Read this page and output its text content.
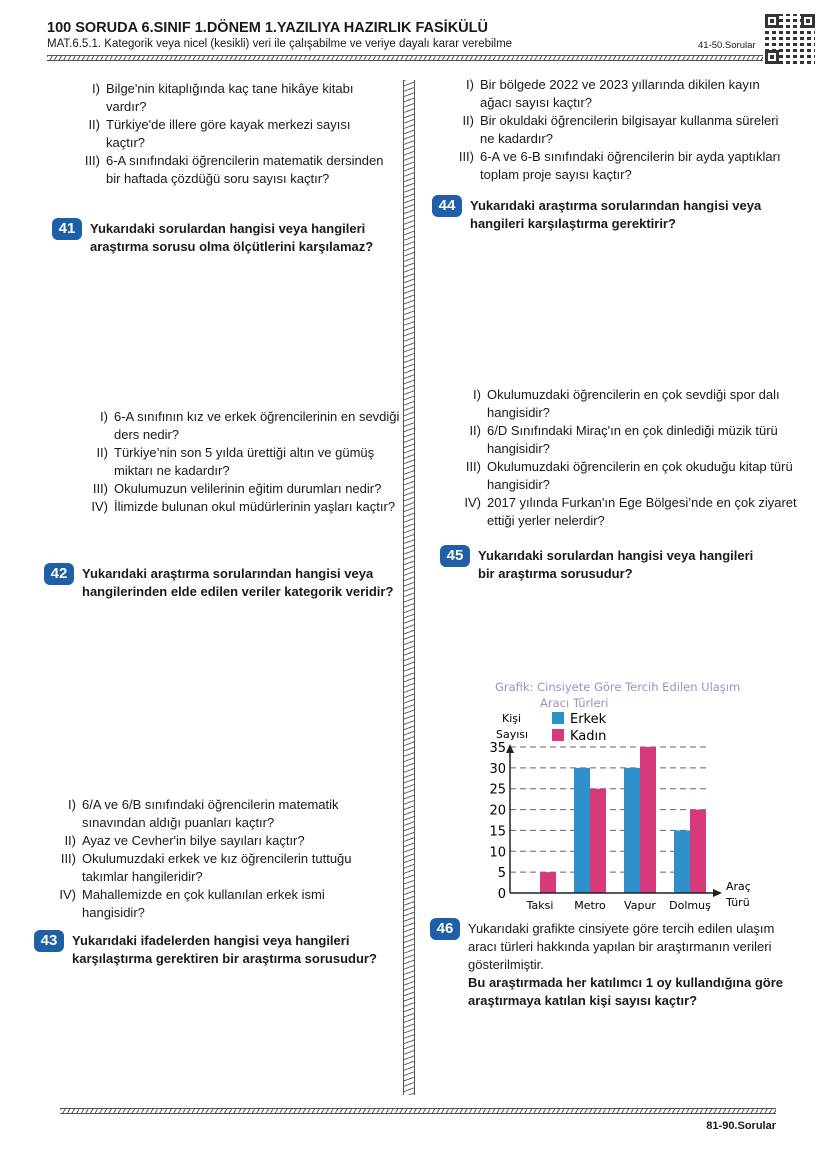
100 SORUDA 6.SINIF 1.DÖNEM 1.YAZILIYA HAZIRLIK FASİKÜLÜ
MAT.6.5.1. Kategorik veya nicel (kesikli) veri ile çalışabilme ve veriye dayalı karar verebilme	41-50.Sorular
I) Bilge'nin kitaplığında kaç tane hikâye kitabı vardır?
II) Türkiye'de illere göre kayak merkezi sayısı kaçtır?
III) 6-A sınıfındaki öğrencilerin matematik dersinden bir haftada çözdüğü soru sayısı kaçtır?
41	Yukarıdaki sorulardan hangisi veya hangileri araştırma sorusu olma ölçütlerini karşılamaz?
I) 6-A sınıfının kız ve erkek öğrencilerinin en sevdiği ders nedir?
II) Türkiye’nin son 5 yılda ürettiği altın ve gümüş miktarı ne kadardır?
III) Okulumuzun velilerinin eğitim durumları nedir?
IV) İlimizde bulunan okul müdürlerinin yaşları kaçtır?
42	Yukarıdaki araştırma sorularından hangisi veya hangilerinden elde edilen veriler kategorik veridir?
I) 6/A ve 6/B sınıfındaki öğrencilerin matematik sınavından aldığı puanları kaçtır?
II) Ayaz ve Cevher'in bilye sayıları kaçtır?
III) Okulumuzdaki erkek ve kız öğrencilerin tuttuğu takımlar hangileridir?
IV) Mahallemizde en çok kullanılan erkek ismi hangisidir?
43	Yukarıdaki ifadelerden hangisi veya hangileri karşılaştırma gerektiren bir araştırma sorusudur?
I) Bir bölgede 2022 ve 2023 yıllarında dikilen kayın ağacı sayısı kaçtır?
II) Bir okuldaki öğrencilerin bilgisayar kullanma süreleri ne kadardır?
III) 6-A ve 6-B sınıfındaki öğrencilerin bir ayda yaptıkları toplam proje sayısı kaçtır?
44	Yukarıdaki araştırma sorularından hangisi veya hangileri karşılaştırma gerektirir?
I) Okulumuzdaki öğrencilerin en çok sevdiği spor dalı hangisidir?
II) 6/D Sınıfındaki Miraç'ın en çok dinlediği müzik türü hangisidir?
III) Okulumuzdaki öğrencilerin en çok okuduğu kitap türü hangisidir?
IV) 2017 yılında Furkan'ın Ege Bölgesi’nde en çok ziyaret ettiği yerler nelerdir?
45	Yukarıdaki sorulardan hangisi veya hangileri bir araştırma sorusudur?
Grafik: Cinsiyete Göre Tercih Edilen Ulaşım
Aracı Türleri
Kişi
Sayısı
Erkek
Kadın
Araç
Türü
0
5
10
15
20
25
30
35
Taksi Metro Vapur Dolmuş
46	Yukarıdaki grafikte cinsiyete göre tercih edilen ulaşım aracı türleri hakkında yapılan bir araştırmanın verileri gösterilmiştir.
Bu araştırmada her katılımcı 1 oy kullandığına göre araştırmaya katılan kişi sayısı kaçtır?
81-90.Sorular
